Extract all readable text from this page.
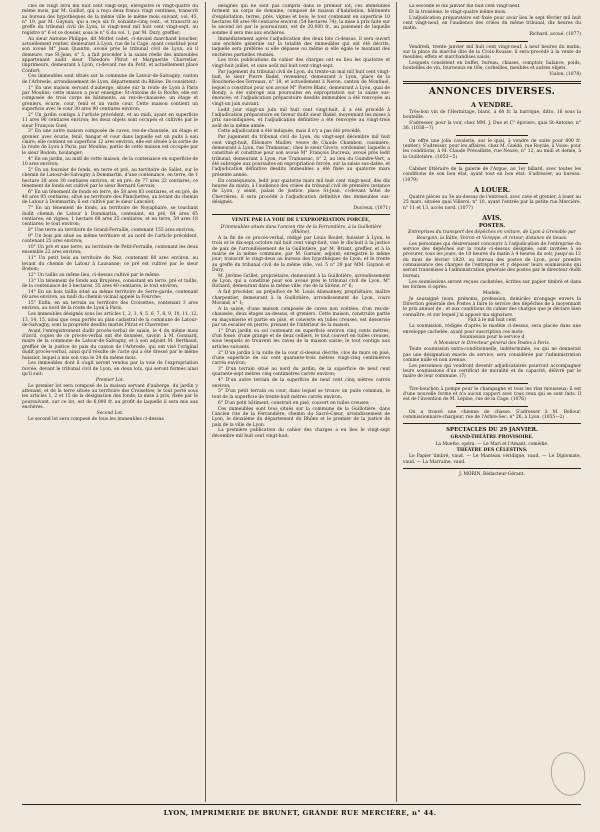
clos de vingt avril mil huit cent vingt-sept, enregistré le vingt-quatre du même mois, par M. Guillot, qui a reçu deux francs vingt centimes, transcrit au bureau des hypothèques de la même ville le même mois suivant, vol. 45, n° 19, par M. Gaynon, qui a reçu six fr. soixante-cinq cent., et transcrit au greffe du tribunal civil de Lyon, le vingt-neuf mil huit cent vingt-sept, au registre n° 6 et ce dossier, sous le n° 6 du vol. 1, par M. Dury, greffier;

Au sieur Antoine Philippe, dit Mottet cadet, ci-devant marchand boucher, actuellement rentier, demeurant à Lyon, rue de la Cage, ayant constitué pour son avoué M° Jean Quantin, avoué près le tribunal civil de Lyon, où il demeure, rue St-Jean, n° 5, a fait procéder à la saisie réelle des immeubles appartenant audit sieur Théodore Pitrat et Marguerite Charretier, imprimeurs, demeurant à Lyon, ci-devant rue du Petit, et actuellement place Confort;

Ces immeubles sont situés sur la commune de Latour-de-Salvagny, canton de l'Arbresle, arrondissement de Lyon, département du Rhône. Ils consistent:

1° En une maison servant d'auberge, située sur la route de Lyon à Paris par Moulins; cette maison a pour enseigne: St-Antoine de la Roche; elle est composée de trois corps de bâtiments, au rez-de-chaussée, un étage et greniers, écurie, cour, fenil et un vaste cour. Cette maison contient un superficie avec le cour 30 ares 90 centiares environ;

2° Un jardin contigu à l'article précédent, et au midi, ayant en superficie 11 ares 90 centiares environ; les deux objets sont occupés et cultivés par le sieur François Guel;

3° En une autre maison composée de caves, rez-de-chaussée, un étage et grenier, avec écurie, fenil, hangar et cour dans laquelle est un puits à eau claire; elle contient en superficie 12 ares environ, elle est située à la sortie de la route de Lyon à Paris, par Moulins; partie de cette maison est occupée par le sieur Bodoin, boulanger;

4° En un jardin, au midi de cette maison, de la contenance en superficie de 10 ares environ;

5° En un fournier de fonds, en terre et pré, au territoire de Sallet, sur le chemin de Latour-de-Salvagny à Dommartin, d'une contenance, en terre, de 1 hectare 28 ares 30 centiares environ, et en pré, de 77 ares 22 centiares; ce ténement de fonds est cultivé par le sieur Bernard Gervais;

6° En un ténement de fonds en terre, de 58 ares 83 centiares, et en pré, de 48 ares 95 centiares, situé au territoire des Planchettes, au levant du chemin de Latour à Dommartin; il est cultivé par le sieur Lancelot;

7° En un ténement de fonds, au territoire de Noyaphaire, se touchant dudit chemin de Latour à Dommartin, contenant, en pré, 64 ares 65 centiares; en vignes, 1 hectare 68 ares 25 centiares, et en terre, 59 ares 18 centiares; le tout environ;

8° Une terre au territoire de Grand-Ferraille, contenant 155 ares environ;

9° Un bois pin situé au même territoire et au nord de l'article précédent, contenant 25 ares environ;

10° Un pré et une terre, au territoire de Petit-Ferraille, contenant les deux ensemble 22 ares environ;

11° Un petit bois au territoire de Nez, contenant 60 ares environ, au levant du chemin de Latour à Lausanne; ce pré est cultivé par le sieur Bodoin;

12° Un taillis au même lieu, ci-dessus cultivé par le même.

13° Un ténement de fonds aux Bruyères, consistant en terre, pré et taillis, de la contenance de 3 hectares, 55 ares 40 centiares, le tout environ;

14° En un bois taillis situé au même territoire de Serre-garde, contenant 60 ares environ, au midi du chemin vicinal appelé la Fourche;

15° Enfin, en un terrain au territoire des Croisettes, contenant 3 ares environ, au nord de la route de Lyon à Paris.

Les immeubles désignés sous les articles 1, 2, 3, 4, 5, 6, 7, 8, 9, 10, 11, 12, 13, 14, 15, ainsi que ceux portés au plan cadastral de la commune de Latour-de-Salvagny, sont la propriété desdits mariés Pitrat et Charretier.

Avant l'enregistrement dudit procès-verbal de saisie, le 4 du même mois d'avril, copies de ce procès-verbal ont été données, savoir: à M. Gonnard, maire de la commune de Latour-de-Salvagny, et à son adjoint M. Berthaud, greffier de la justice de paix du canton de l'Arbresle, qui ont visé l'original dudit procès-verbal, ainsi qu'il résulte de l'acte qui a été dressé par le même huissier, lequel a mis son visa le 24 du même mois.

Les immeubles dont il s'agit seront vendus par la voie de l'expropriation forcée, devant le tribunal civil de Lyon, en deux lots, qui seront formés ainsi qu'il suit:

Premier Lot.

Le premier lot sera composé de la maison servant d'auberge, du jardin y attenant, et de la terre située au territoire des Croisettes; le tout porté sous les articles 1, 2 et 15 de la désignation des fonds; la mise à prix, fixée par le poursuivant, sur ce lot, est de 6,000 fr. au profit de laquelle il sera mis aux enchères.

Second Lot.

Le second lot sera composé de tous les immeubles ci-dessus

désignés qui ne sont pas compris dans le premier lot; ces immeubles forment un corps de domaine, composé de maison d'habitation, bâtiments d'exploitation, terres, prés, vignes et bois; le tout contenant en superficie 10 hectares 88 ares 98 centiares environ (54 hectares 74); la mise à prix faite sur le second lot par le poursuivant, est de 20,000 fr., au paiement de laquelle somme il sera mis aux enchères.

Immédiatement après l'adjudication des deux lots ci-dessus, il sera ouvert une enchère générale sur la totalité des immeubles qui ont été décrits, laquelle sera préférée si elle dépasse ou même si elle égale le montant des enchères partielles réunies.

Les trois publications du cahier des charges ont eu lieu les quatorze et vingt-huit juillet, et onze août mil huit cent vingt-sept.

Par jugement du tribunal civil de Lyon, du trente-un mai mil huit cent vingt-huit, le sieur Pierre Badel, revendeur, demeurant à Lyon, place de la Boucherie-des-Terreaux, n° 18, et actuellement à Neron, canton de Montluel, lequel a constitué pour son avoué M° Pierre Blanc, demeurant à Lyon, quai de Bondy, a été subrogé aux poursuites en expropriation sur la saisie sus-énoncée; et l'adjudication préparatoire desdits immeubles a été renvoyée au vingt-un juin suivant.

Ledit jour vingt-un juin mil huit cent vingt-huit, il a été procédé à l'adjudication préparatoire en faveur dudit sieur Badel, moyennant les mises à prix sus-indiquées, et l'adjudication définitive a été renvoyée au vingt-trois août de la même année.

Cette adjudication a été indiquée, mais il n'y a pas été procédé.

Par jugement du tribunal civil de Lyon, du vingt-sept décembre mil huit cent vingt-huit, Éléonore Maillet, veuve de Claude Chambon, cuisinière, demeurant à Lyon, rue Tramassac, chez le sieur Givors, cordonnier, laquelle a constitué et constitue pour son avoué M° François Ducreux, avoué près ledit tribunal, demeurant à Lyon, rue Tramassac, n° 2, au lieu du Guindre-Vert, a été subrogée aux poursuites en expropriation forcée, sur la saisie sus-datée, et l'adjudication définitive desdits immeubles a été fixée au quatorze mars présente année.

En conséquence, ledit jour quatorze mars mil huit cent vingt-neuf, dès dix heures du matin, à l'audience des criées du tribunal civil de première instance de Lyon, y séant, palais de justice, place St-Jean, ci-devant hôtel de Chevrières, il sera procédé à l'adjudication définitive des immeubles sus-désignés.

Ducreux. (1071)

VENTE PAR LA VOIE DE L'EXPROPRIATION FORCÉE,

D'immeubles situés dans l'ancien rite de la Ferrandière, à la Guillotière (Rhône).

A la fin de ce procès-verbal, rédigé par Louis Roulet, huissier à Lyon, le trois et le dix-sept octobre mil huit cent vingt-huit, visé le dix-huit à la justice de paix de l'arrondissement de la Guillotière, par M. Briant, greffier, et à la mairie de la même commune, par M. Garnier, adjoint; enregistré le même jour; transcrit le vingt-deux au bureau des hypothèques de Lyon, et le trente au greffe du tribunal civil de la même ville, vol. 5 n° 29 par MM. Gaynon et Dury,

M. Jérôme Grillet, propriétaire, demeurant à la Guillotière, arrondissement de Lyon, qui a constitué pour son avoué près le tribunal civil de Lyon, M° Richard, demeurant dans la même ville, rue de la Sirène, n° 6;

A fait procéder, au préjudice de M. Louis Alamanney, propriétaire, maître charpentier, demeurant à la Guillotière, arrondissement de Lyon, cours Morand, n° 1;

A la saisie, d'une maison composée de caves non voûtées, d'un rez-de-chaussée, deux étages au-dessus, et greniers. Cette maison, construite partie en maçonnerie et partie en pisé, et couverte en tuiles creuses, est desservie par un escalier en pierre, prenant de l'intérieur de la maison.

1° D'un jardin ou sol contenant en superficie environ cinq cents mètres, d'un fossé, d'une grange et de deux celliers, le tout couvert en tuiles creuses, sous lesquels se trouvent les caves de la maison saisie; le tout contigu aux articles suivants.

2° D'un jardin à la suite de la cour ci-dessus décrite, clos de murs en pisé, d'une superficie de six cent quarante-trois mètres vingt-cinq centimètres carrés environ;

3° D'un terrain situé au nord du jardin, de la superficie de neuf cent quarante-sept mètres cinq centimètres carrés environ;

4° D'un autre terrain de la superficie de neuf cent cinq mètres carrés environ;

5° D'un petit terrain ou cour, dans lequel se trouve un puits commun, le tout de la superficie de trente-huit mètres carrés environ;

6° D'un petit bâtiment, construit en pisé, couvert en tuiles creuses;

Ces immeubles sont tous situés sur la commune de la Guillotière, dans l'ancien rite de la Ferrandière, chemin du Sacré-Cœur, arrondissement de Lyon, le deuxième du département du Rhône et le premier de la justice de paix de la ville de Lyon.

La première publication du cahier des charges a eu lieu le vingt-sept décembre mil huit cent vingt-huit.

La seconde le dix janvier mil huit cent vingt-neuf.

Et la troisième, le vingt-quatre même mois.

L'adjudication préparatoire est fixée pour avoir lieu le sept février mil huit cent vingt-neuf, en l'audience des criées du même tribunal, dix heures du matin.

Richard, avoué. (1077)

Vendredi, trente janvier mil huit cent vingt-neuf, à neuf heures du matin, sur la place du marché dite de la Croix-Rousse, il sera procédé à la vente de meubles, effets et marchandises saisis;

Lesquels consistent en buffet, bureau, chaises, comptoir, balance, poids, bouteilles de vin, fourneaux en tôle, corbeilles, meubles et autres objets.

Vialon. (1078)

ANNONCES DIVERSES.
A VENDRE.

Très-bon vin de l'Hermitage, blanc, à 60 fr. la barrique, ditto, 16 sous la bouteille.

S'adresser, pour la voir, chez MM. J. Due et C° épiciers, quai St-Antoine, n° 36. (1038—7)

On offre une jolie cavalerie, sur le quai, à vendre de suite pour 800 fr. (entier). S'adresser, pour les affaires, chez M. Guédé, rue Royale, à Voise; pour les conditions, à M. Claude Prévalliste, rue Neuve, n° 12, au midi et demie, à la Guillotière. (1053—5)

Cabinet littéraire de la galerie de l'Argue, au 1er billard, avec toutes les conditions de son bon état, ayant tout en bon état. S'adresser, au bureau. (1079)

A LOUER.

Quatre pièces au 3e au-dessus de l'entresol, avec cave et grenier, à louer au 25 mars, situées quai Villeroi, n° 10, ayant l'entrée par la petite rue Mercière, n° 11 et 13, accès nord. (1077)

AVIS.
POSTES.

Entreprises du transport des dépêches en voiture, de Lyon à Grenoble par Bourgoin, la Bâtie, Voiron et Voreppe, et retour, distance de lieues.

Les personnes qui désireraient concourir à l'adjudication de l'entreprise du service des dépêches sur la route ci-dessus désignée, sont invitées à se procurer, tous les jours, de 10 heures du matin à 4 heures du soir, jusqu'au 12 du mois de février 1829, au bureau des postes de Lyon, pour prendre connaissance des charges de l'entreprise et y déposer leurs soumissions qui seront transmises à l'administration générale des postes par le directeur dudit bureau.

Les soumissions seront reçues cachetées, écrites sur papier timbré et dans les formes ci-après:

Modèle.

Je soussigné (nom, prénoms, profession, domicile) m'engage envers la Direction générale des Postes à faire le service des dépêches de à moyennant le prix annuel de , et aux conditions du cahier des charges que je déclare bien connaître, et sur lequel j'ai apposé ma signature.

Fait à le mil huit cent

La soumission, rédigée d'après le modèle ci-dessus, sera placée dans une enveloppe cachetée, ayant pour suscription ces mots:

Soumission pour le service d

A Monsieur le Directeur général des Postes à Paris.

Toute soumission extra-conditionnelle, indéterminée, ou qui ne donnerait pas une désignation exacte du service, sera considérée par l'administration comme nulle et non avenue.

Les personnes qui voudront devenir adjudicataires pourront accompagner leurs soumissions d'un certificat de moralité et de capacité, délivré par le maire de leur commune. (7)

Tire-bouchon à pompe pour le champagne et tous les vins mousseux: il est d'une nouvelle forme et n'a aucun rapport avec tous ceux qui se sont faits. Il est de l'invention de M. Lépine, rue de la Cage. (1076)

On a trouvé une chienne de chasse. S'adresser à M. Bellour, commissionnaire-chargeur, rue de l'Arbre-Sec, n° 26, à Lyon. (1055—2)

SPECTACLES DU 29 JANVIER.
GRAND-THÉÂTRE PROVISOIRE.

La Muette, opéra. — Le Mari et l'Amant, comédie.

THÉÂTRE DES CÉLESTINS.

Le Papier timbré, vaud. — Le Manteau véridique, vaud. — Le Diplomate, vaud. — La Marraine, vaud.

J. MORIN, Rédacteur-Gérant.

LYON, IMPRIMERIE DE BRUNET, GRANDE RUE MERCIÈRE, n° 44.
